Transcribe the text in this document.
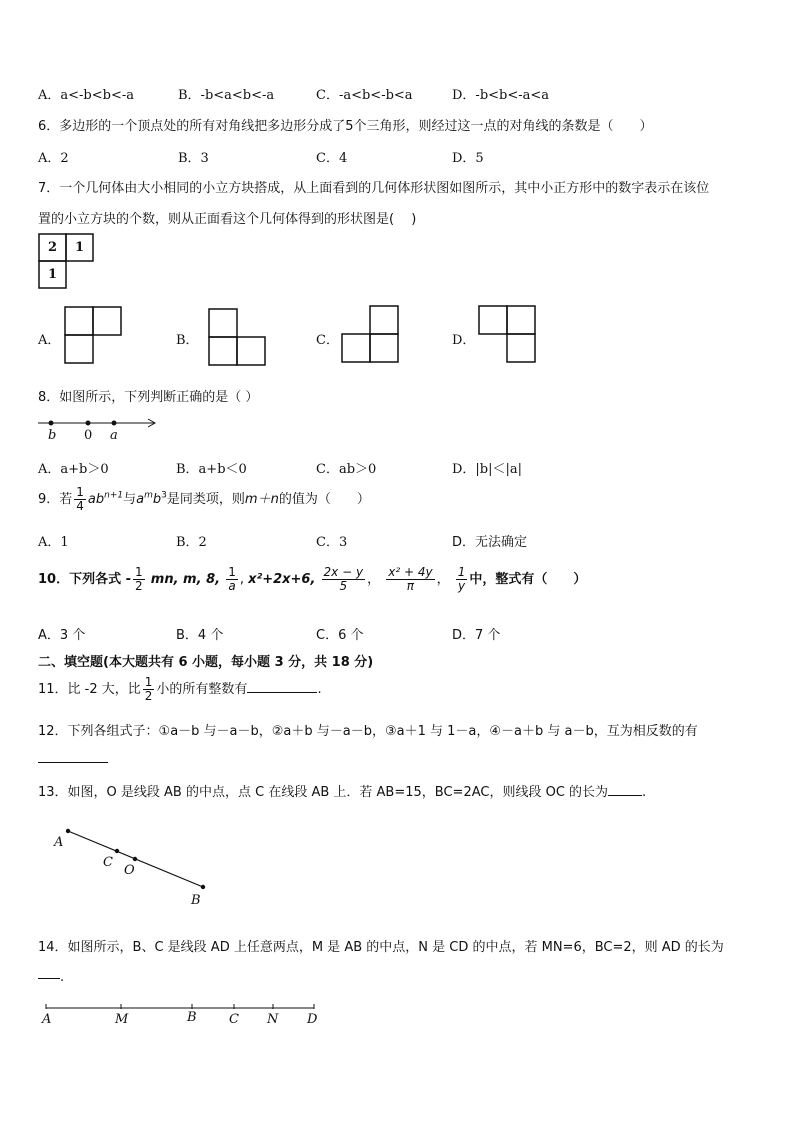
A．a<-b<b<-a	B．-b<a<b<-a	C．-a<b<-b<a	D．-b<b<-a<a
6．多边形的一个顶点处的所有对角线把多边形分成了5个三角形，则经过这一点的对角线的条数是（　　）
A．2	B．3	C．4	D．5
7．一个几何体由大小相同的小立方块搭成，从上面看到的几何体形状图如图所示，其中小正方形中的数字表示在该位
置的小立方块的个数，则从正面看这个几何体得到的形状图是(　 )
2 1
1
A．	B．	C．	D．
8．如图所示，下列判断正确的是（ ）
b 0 a
A．a+b＞0	B．a+b＜0	C．ab＞0	D．|b|＜|a|
9．若 $\frac{1}{4} ab^{n+1}$与$a^mb^3$是同类项，则m＋n的值为（　　）
A．1	B．2	C．3	D．无法确定
10．下列各式 - $\frac{1}{2}$ mn, m, 8, $\frac{1}{a}$ , x²+2x+6, $\frac{2x - y}{5}$ ， $\frac{\text{x² + 4y}}{\pi}$ ， $\frac{1}{y}$ 中，整式有（　　）
A．3 个	B．4 个	C．6 个	D．7 个
二、填空题(本大题共有 6 小题，每小题 3 分，共 18 分)
11．比 -2 大，比 $\frac{1}{2}$ 小的所有整数有	.
12．下列各组式子：①a－b 与－a－b，②a＋b 与－a－b，③a＋1 与 1－a，④－a＋b 与 a－b，互为相反数的有
13．如图，O 是线段 AB 的中点，点 C 在线段 AB 上．若 AB=15，BC=2AC，则线段 OC 的长为	.
A
C
O
B
14．如图所示，B、C 是线段 AD 上任意两点，M 是 AB 的中点，N 是 CD 的中点，若 MN=6，BC=2，则 AD 的长为
.
A	M	B C N D
